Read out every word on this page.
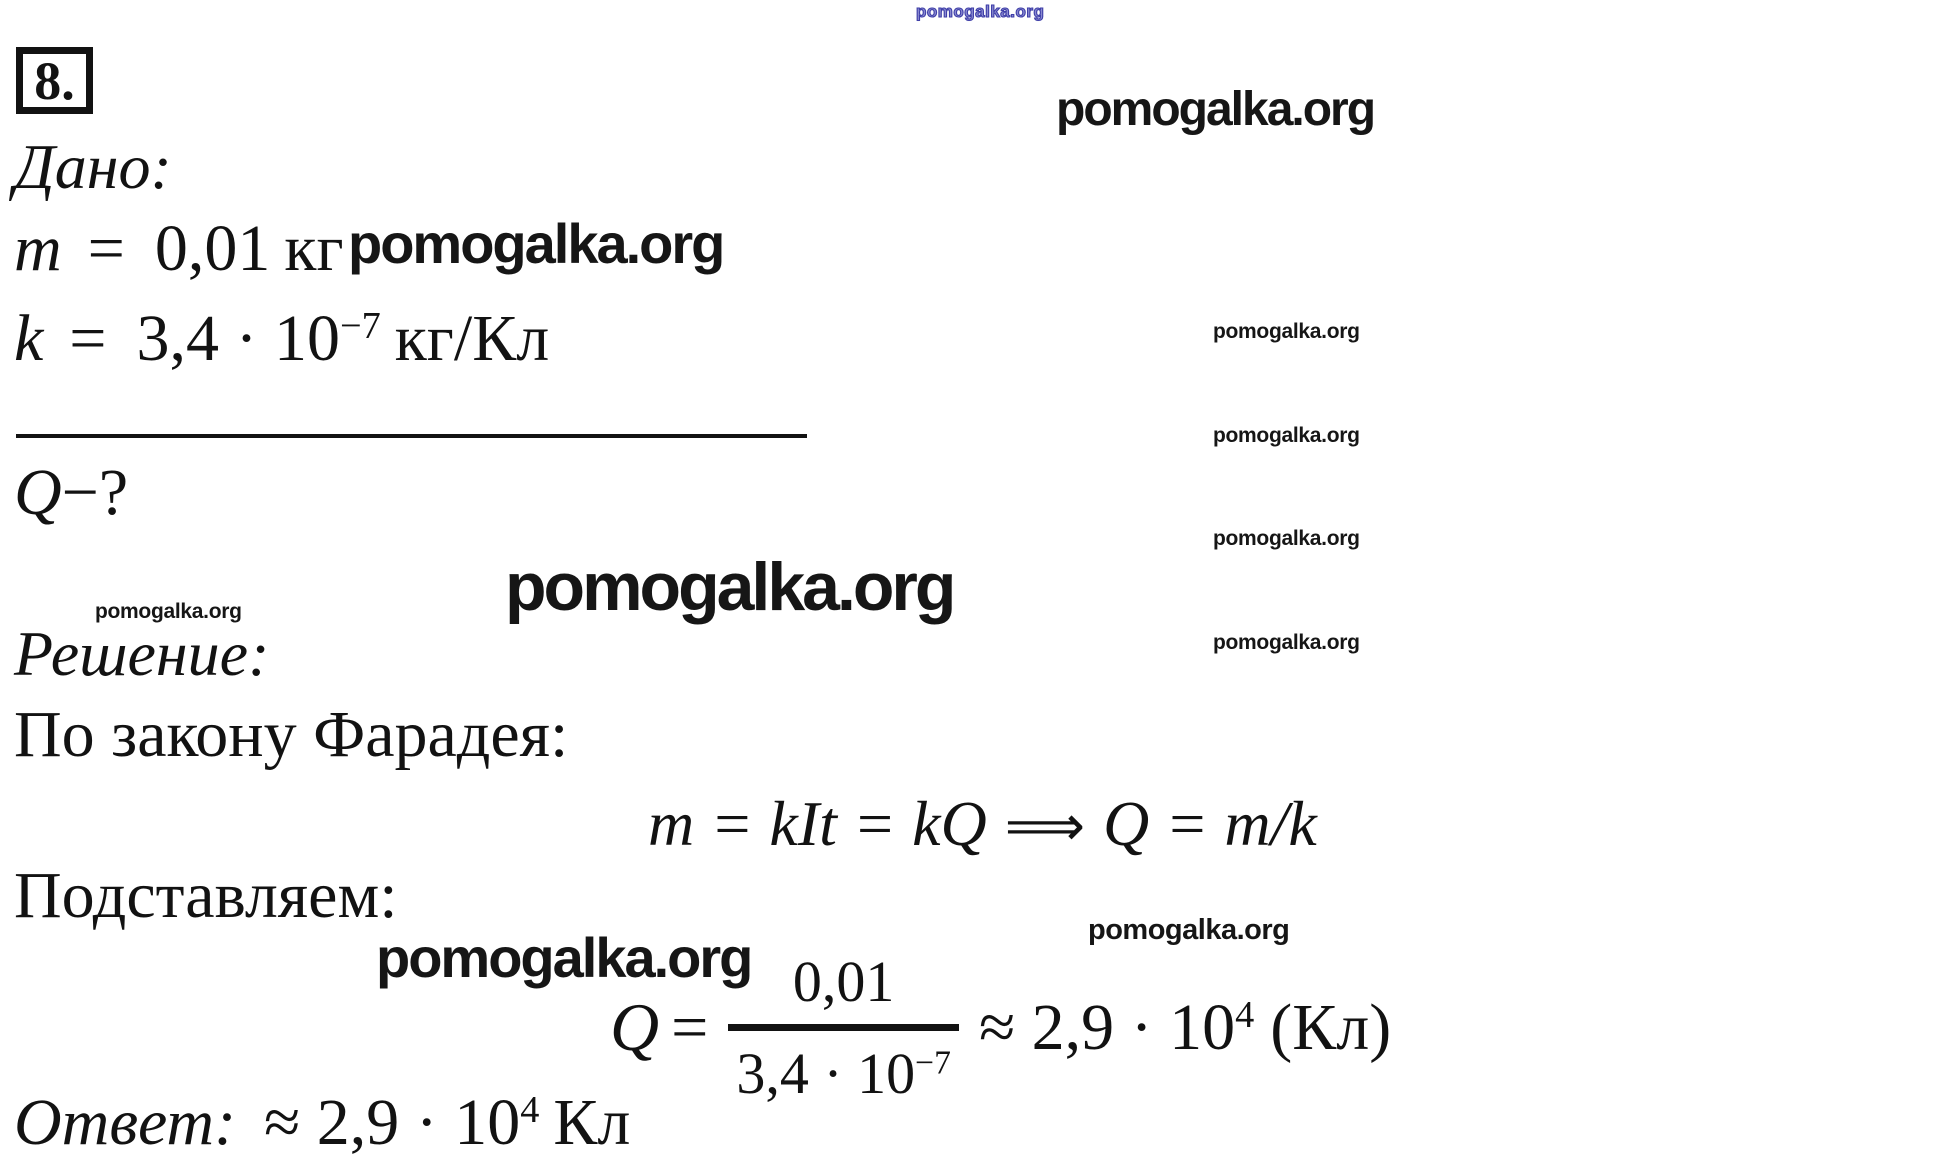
pomogalka.org
pomogalka.org
pomogalka.org
pomogalka.org
pomogalka.org
pomogalka.org
pomogalka.org
pomogalka.org	pomogalka.org
pomogalka.org	pomogalka.org
8.
Дано:
m = 0,01 кг
k = 3,4 · 10−7 кг/Кл
Q−?
Решение:
По закону Фарадея:
m = kIt = kQ ⟹ Q = m/k
Подставляем:
$Q = \frac{0,01}{3,4 \cdot 10-7} \approx 2,9 \cdot 104$ (Кл)
Ответ: ≈ 2,9 · 104 Кл
